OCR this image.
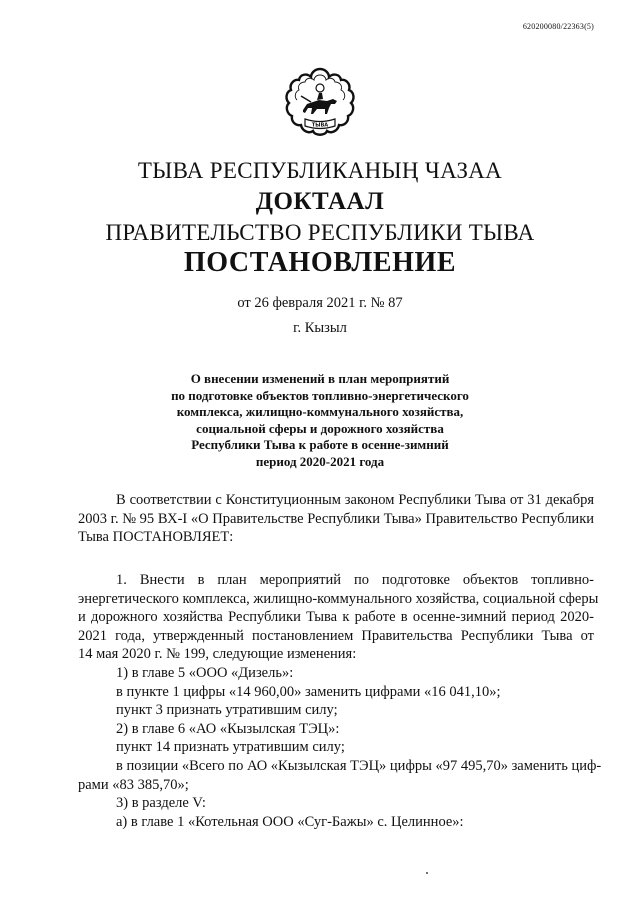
620200080/22363(5)
ТЫВА
ТЫВА РЕСПУБЛИКАНЫҢ ЧАЗАА
ДОКТААЛ
ПРАВИТЕЛЬСТВО РЕСПУБЛИКИ ТЫВА
ПОСТАНОВЛЕНИЕ
от 26 февраля 2021 г. № 87
г. Кызыл
О внесении изменений в план мероприятий
по подготовке объектов топливно-энергетического
комплекса, жилищно-коммунального хозяйства,
социальной сферы и дорожного хозяйства
Республики Тыва к работе в осенне-зимний
период 2020-2021 года
В соответствии с Конституционным законом Республики Тыва от 31 декабря
2003 г. № 95 ВХ-I «О Правительстве Республики Тыва» Правительство Республики
Тыва ПОСТАНОВЛЯЕТ:
1. Внести в план мероприятий по подготовке объектов топливно-
энергетического комплекса, жилищно-коммунального хозяйства, социальной сферы
и дорожного хозяйства Республики Тыва к работе в осенне-зимний период 2020-
2021 года, утвержденный постановлением Правительства Республики Тыва от
14 мая 2020 г. № 199, следующие изменения:
1) в главе 5 «ООО «Дизель»:
в пункте 1 цифры «14 960,00» заменить цифрами «16 041,10»;
пункт 3 признать утратившим силу;
2) в главе 6 «АО «Кызылская ТЭЦ»:
пункт 14 признать утратившим силу;
в позиции «Всего по АО «Кызылская ТЭЦ» цифры «97 495,70» заменить циф-
рами «83 385,70»;
3) в разделе V:
а) в главе 1 «Котельная ООО «Суг-Бажы» с. Целинное»:
